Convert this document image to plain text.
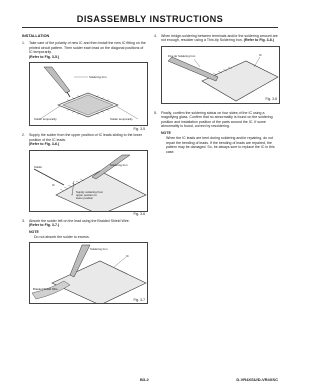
DISASSEMBLY INSTRUCTIONS
INSTALLATION
1.	Take care of the polarity of new IC and then install the new IC fitting on the printed circuit pattern. Then solder each lead on the diagonal positions of IC temporarily.
(Refer to Fig. 3-5.)
Soldering Iron
Solder temporarily	Solder temporarily
Fig. 3-5
2.	Supply the solder from the upper position of IC leads sliding to the lower position of the IC leads.
(Refer to Fig. 3-6.)
Solder	Soldering Iron
IC
Supply soldering from upper position to lower position
Fig. 3-6
3.	Absorb the solder left on the lead using the Braided Shield Wire.
(Refer to Fig. 3-7.)
NOTE
Do not absorb the solder to excess.
Soldering Iron
IC
Braided Shield Wire
Fig. 3-7
4.	When bridge-soldering between terminals and/or the soldering amount are not enough, resolder using a Thin-tip Soldering Iron. (Refer to Fig. 3-8.)
Fine tip Soldering Iron	IC
Fig. 3-8
5.	Finally, confirm the soldering status on four sides of the IC using a magnifying glass. Confirm that no abnormality is found on the soldering position and installation position of the parts around the IC. If some abnormality is found, correct by resoldering.
NOTE
When the IC leads are bent during soldering and/or repairing, do not repair the bending of leads. If the bending of leads are repaired, the pattern may be damaged. So, be always sure to replace the IC in this case.
B3-2	D-VR4XSU/D-VR4XSC
